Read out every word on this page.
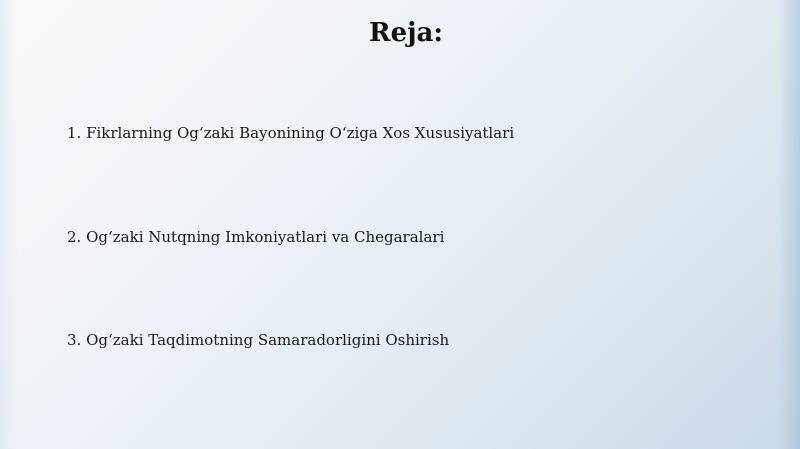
Reja:
1. Fikrlarning Og‘zaki Bayonining O‘ziga Xos Xususiyatlari
2. Og‘zaki Nutqning Imkoniyatlari va Chegaralari
3. Og‘zaki Taqdimotning Samaradorligini Oshirish
